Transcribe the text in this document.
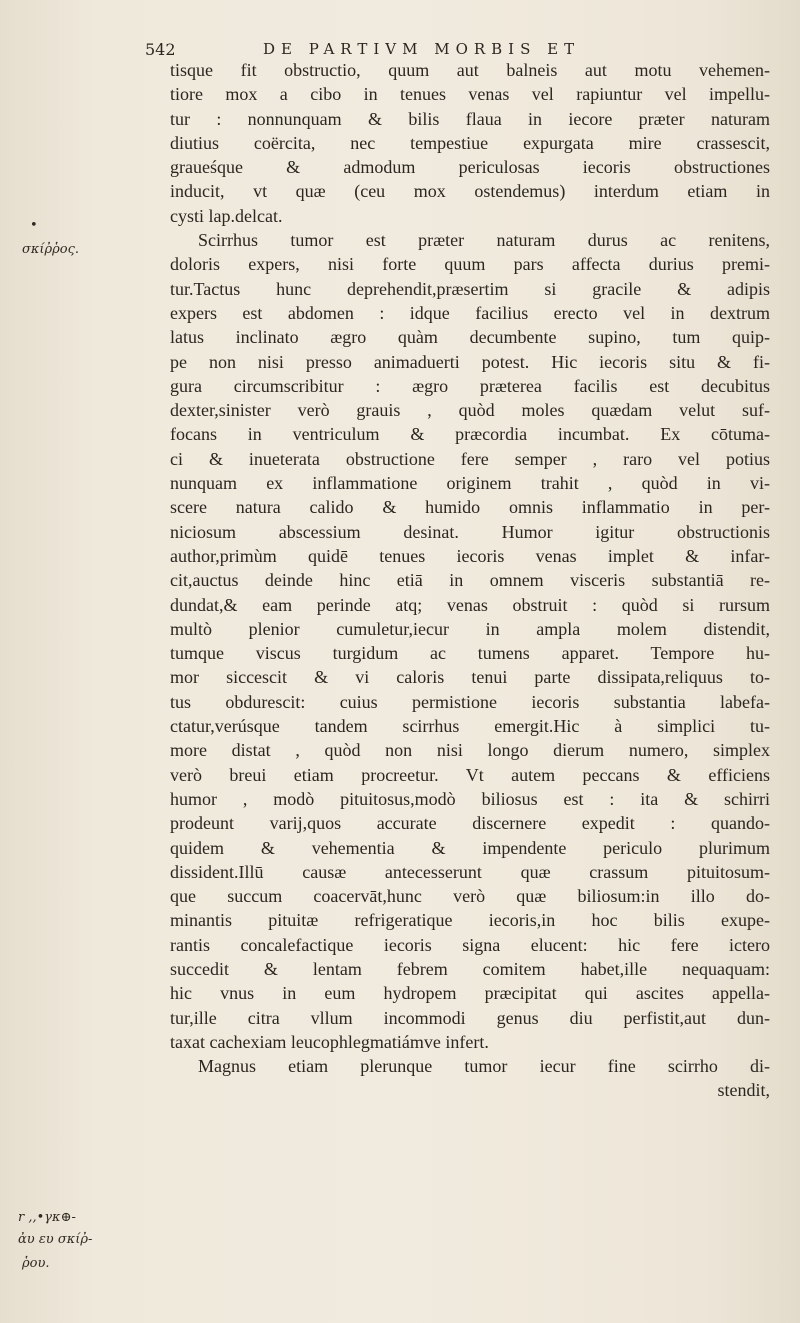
542	DE PARTIVM MORBIS ET
•
σκίῤῥος.
r ,,•γκ⊕-
ἀυ ευ σκίῤ-
ῥου.
tisque fit obstructio, quum aut balneis aut motu vehemen-
tiore mox a cibo in tenues venas vel rapiuntur vel impellu-
tur : nonnunquam & bilis flaua in iecore præter naturam
diutius coërcita, nec tempestiue expurgata mire crassescit,
graueśque & admodum periculosas iecoris obstructiones
inducit, vt quæ (ceu mox ostendemus) interdum etiam in
cysti lap.delcat.
Scirrhus tumor est præter naturam durus ac renitens,
doloris expers, nisi forte quum pars affecta durius premi-
tur.Tactus hunc deprehendit,præsertim si gracile & adipis
expers est abdomen : idque facilius erecto vel in dextrum
latus inclinato ægro quàm decumbente supino, tum quip-
pe non nisi presso animaduerti potest. Hic iecoris situ & fi-
gura circumscribitur : ægro præterea facilis est decubitus
dexter,sinister verò grauis , quòd moles quædam velut suf-
focans in ventriculum & præcordia incumbat. Ex cōtuma-
ci & inueterata obstructione fere semper , raro vel potius
nunquam ex inflammatione originem trahit , quòd in vi-
scere natura calido & humido omnis inflammatio in per-
niciosum abscessium desinat. Humor igitur obstructionis
author,primùm quidē tenues iecoris venas implet & infar-
cit,auctus deinde hinc etiā in omnem visceris substantiā re-
dundat,& eam perinde atq; venas obstruit : quòd si rursum
multò plenior cumuletur,iecur in ampla molem distendit,
tumque viscus turgidum ac tumens apparet. Tempore hu-
mor siccescit & vi caloris tenui parte dissipata,reliquus to-
tus obdurescit: cuius permistione iecoris substantia labefa-
ctatur,verúsque tandem scirrhus emergit.Hic à simplici tu-
more distat , quòd non nisi longo dierum numero, simplex
verò breui etiam procreetur. Vt autem peccans & efficiens
humor , modò pituitosus,modò biliosus est : ita & schirri
prodeunt varij,quos accurate discernere expedit : quando-
quidem & vehementia & impendente periculo plurimum
dissident.Illū causæ antecesserunt quæ crassum pituitosum-
que succum coacervāt,hunc verò quæ biliosum:in illo do-
minantis pituitæ refrigeratique iecoris,in hoc bilis exupe-
rantis concalefactique iecoris signa elucent: hic fere ictero
succedit & lentam febrem comitem habet,ille nequaquam:
hic vnus in eum hydropem præcipitat qui ascites appella-
tur,ille citra vllum incommodi genus diu perfistit,aut dun-
taxat cachexiam leucophlegmatiámve infert.
Magnus etiam plerunque tumor iecur fine scirrho di-
stendit,
